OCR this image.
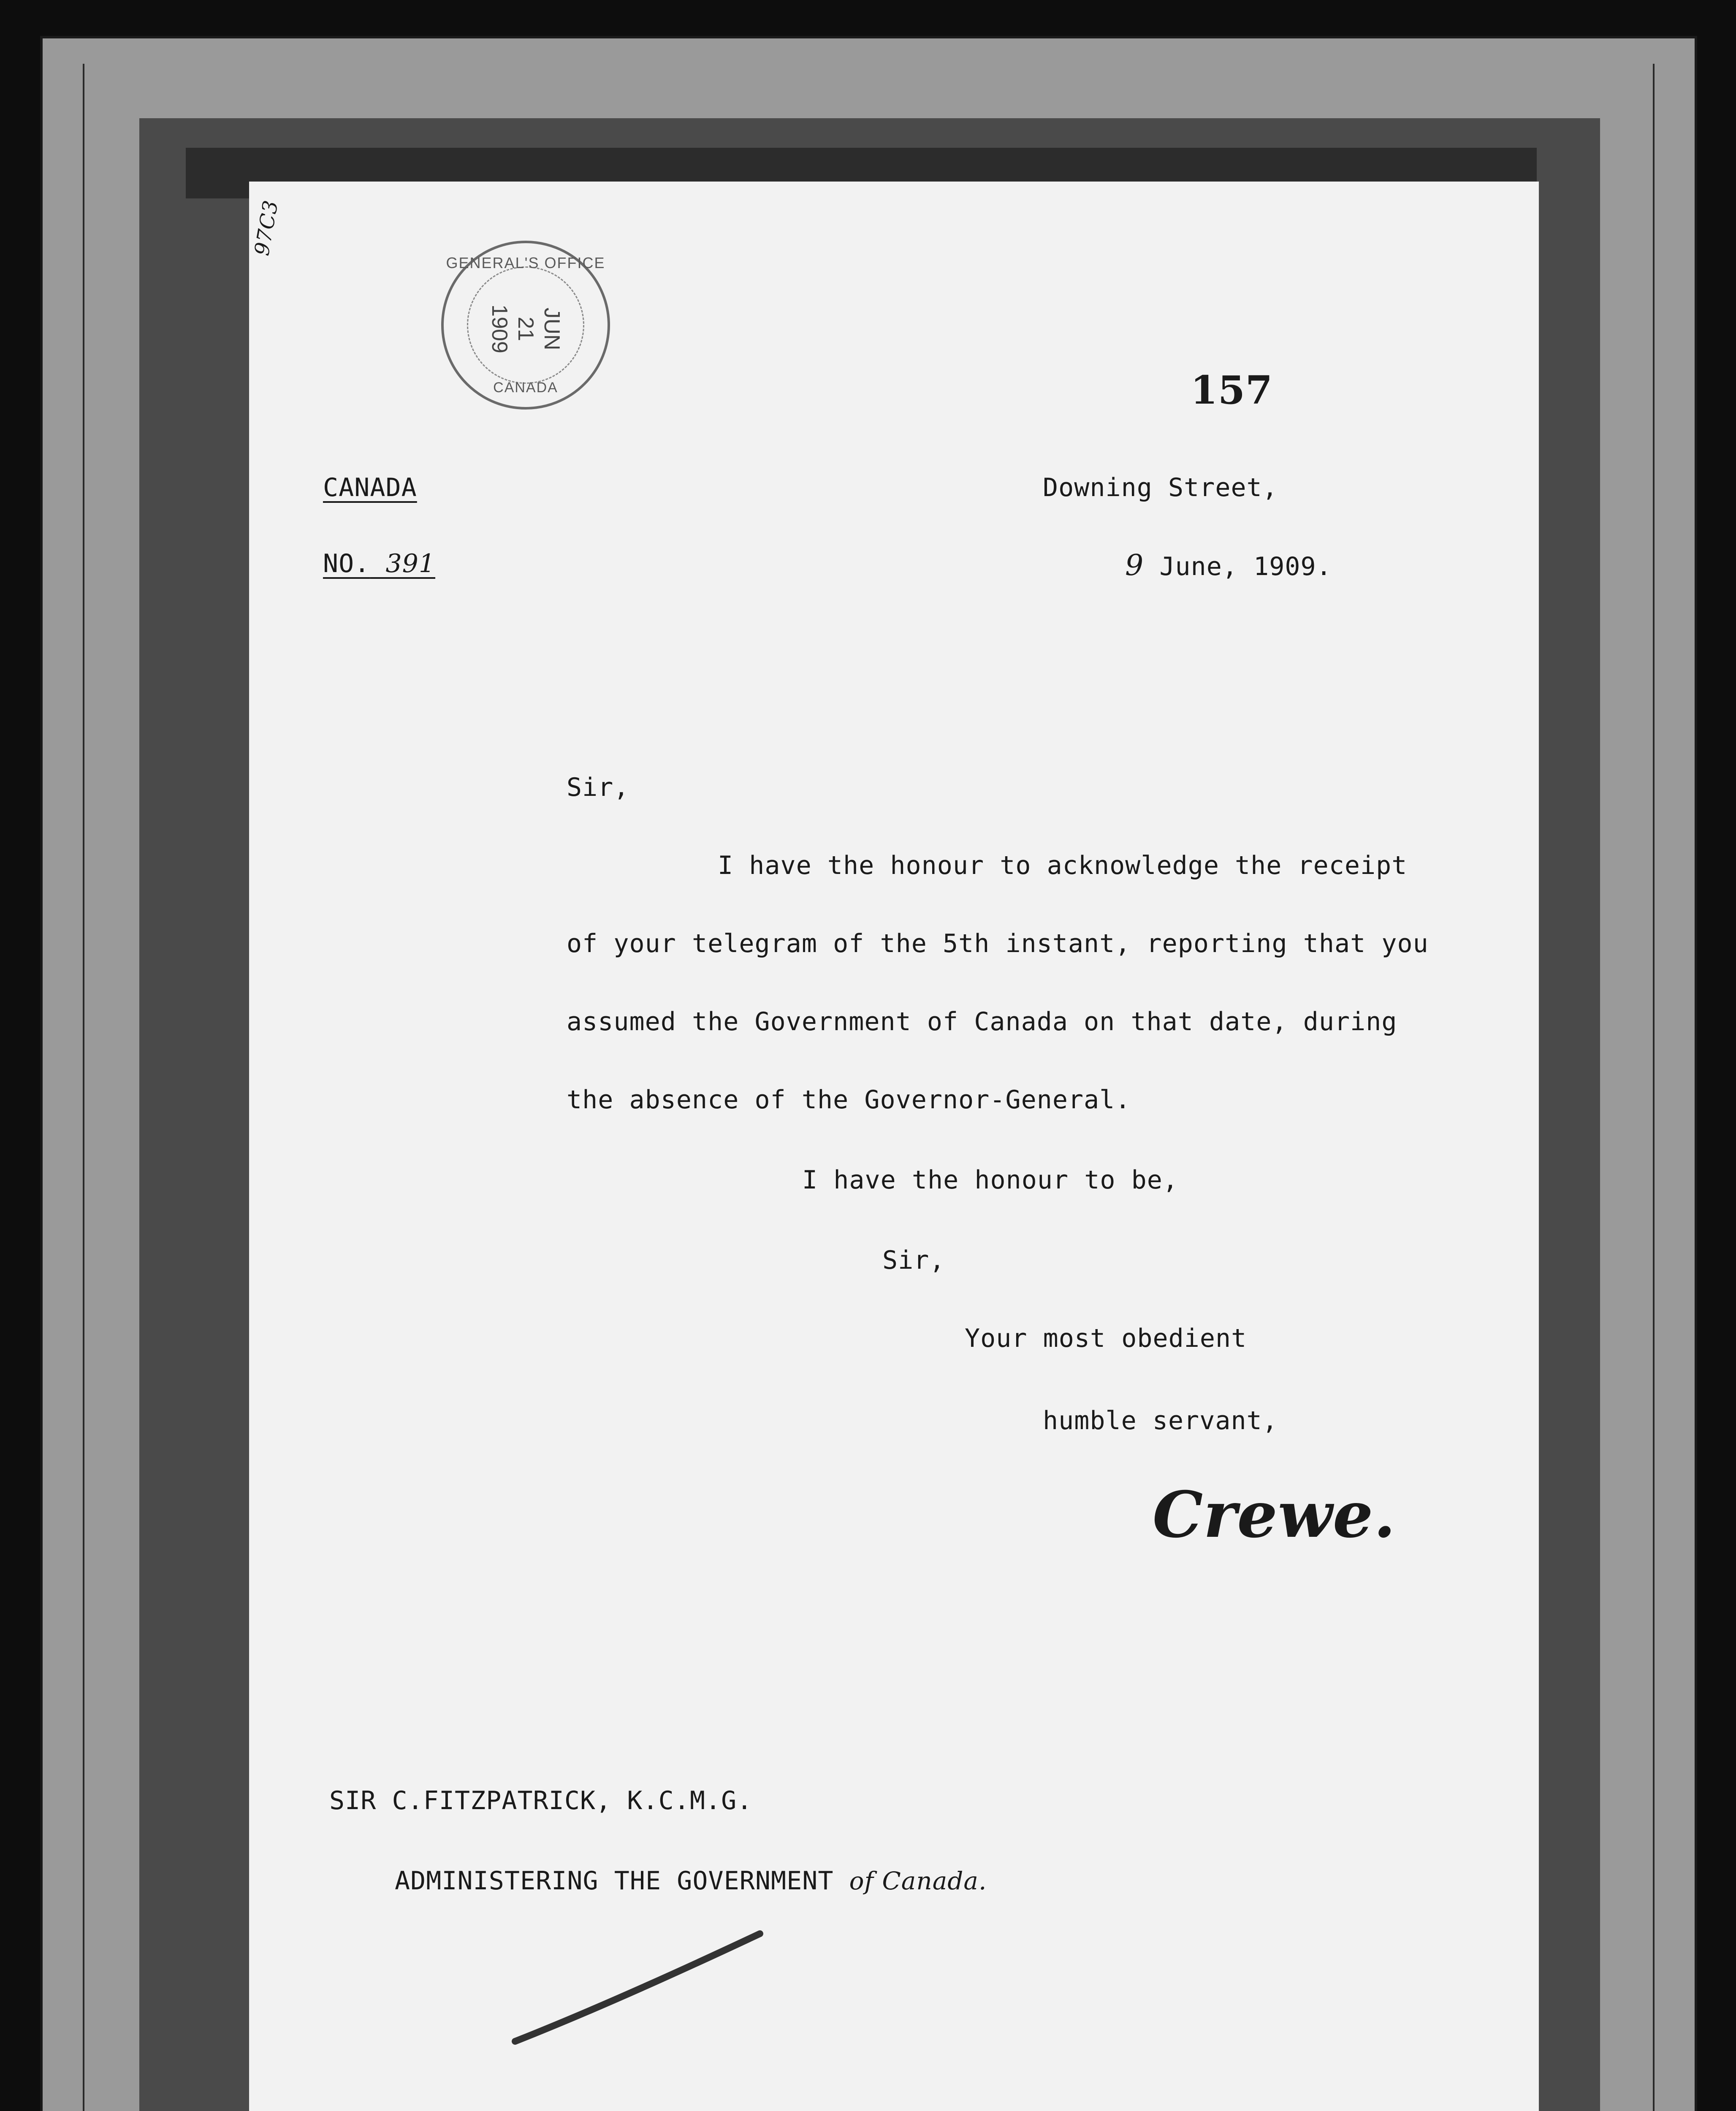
97C3
GENERAL'S OFFICE
JUN
21
1909
CANADA	157
CANADA
NO. 391
Downing Street,
9 June, 1909.
Sir,
I have the honour to acknowledge the receipt
of your telegram of the 5th instant, reporting that you
assumed the Government of Canada on that date, during
the absence of the Governor-General.
I have the honour to be,
Sir,
Your most obedient
humble servant,
Crewe.
SIR C.FITZPATRICK, K.C.M.G.
ADMINISTERING THE GOVERNMENT of Canada.
